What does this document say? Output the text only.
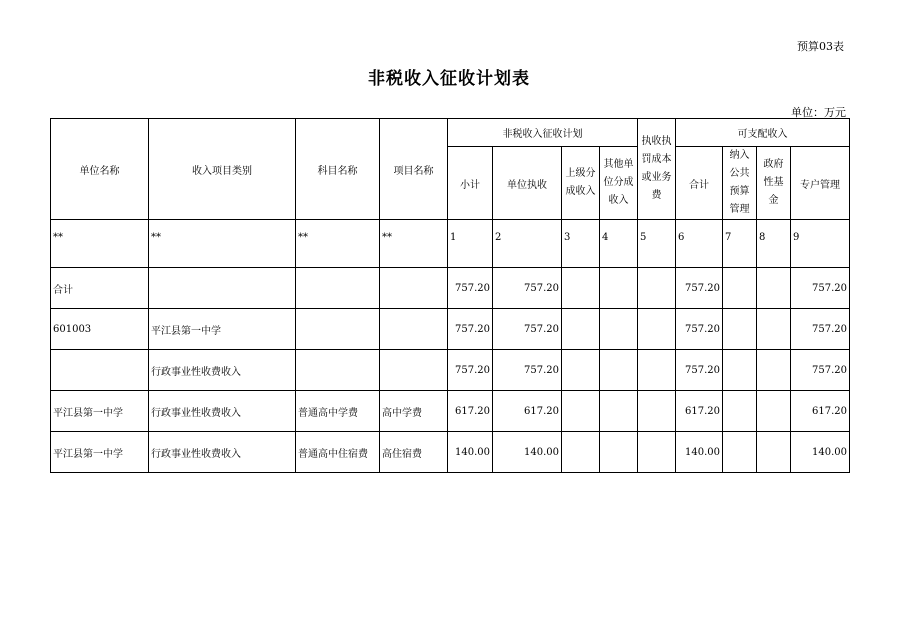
预算03表
非税收入征收计划表
单位：万元
单位名称	收入项目类别	科目名称	项目名称	非税收入征收计划				执收执罚成本或业务费	可支配收入			
				小计	单位执收	上级分成收入	其他单位分成收入		合计	纳入公共预算管理	政府性基金	专户管理
**	**	**	**	1	2	3	4	5	6	7	8	9
合计				757.20	757.20				757.20			757.20
601003	平江县第一中学			757.20	757.20				757.20			757.20
	行政事业性收费收入			757.20	757.20				757.20			757.20
平江县第一中学	行政事业性收费收入	普通高中学费	高中学费	617.20	617.20				617.20			617.20
平江县第一中学	行政事业性收费收入	普通高中住宿费	高住宿费	140.00	140.00				140.00			140.00
